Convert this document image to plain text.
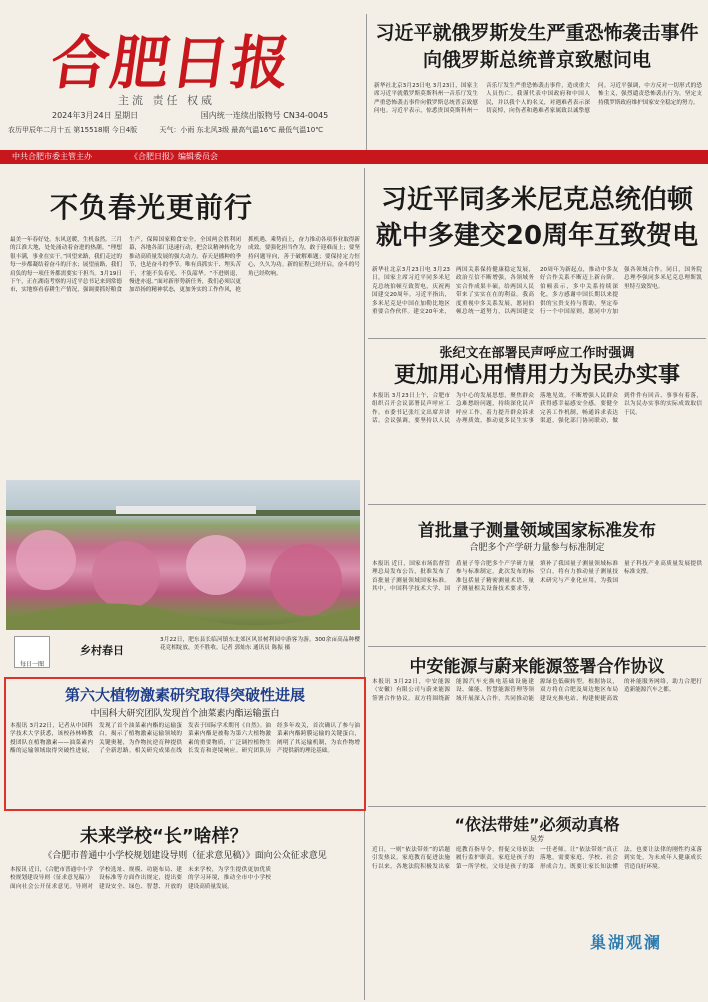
合肥日报
主流 责任 权威
2024年3月24日 星期日	国内统一连续出版物号 CN34-0045
农历甲辰年二月十五 第15518期 今日4版	天气：小雨 东北风3级 最高气温16℃ 最低气温10℃
习近平就俄罗斯发生严重恐怖袭击事件
向俄罗斯总统普京致慰问电
新华社北京3月23日电 3月23日，国家主席习近平就俄罗斯莫斯科州一音乐厅发生严重恐怖袭击事件向俄罗斯总统普京致慰问电。习近平表示，惊悉贵国莫斯科州一音乐厅发生严重恐怖袭击事件，造成重大人员伤亡。我谨代表中国政府和中国人民，并以我个人的名义，对遇难者表示深切哀悼，向伤者和遇难者家属致以诚挚慰问。习近平强调，中方反对一切形式的恐怖主义，强烈谴责恐怖袭击行为，坚定支持俄罗斯政府维护国家安全稳定的努力。
中共合肥市委主管主办	《合肥日报》编辑委员会
不负春光更前行
最美一年春好处。东风送暖，生机盎然。三月的江淮大地，处处涌动着奋进的热潮。“理想很丰满，事业在实干。”回望来路，我们走过的每一步都凝结着奋斗的汗水；展望前路，我们肩负的每一项任务都需要实干担当。3月19日下午，正在湖南考察的习近平总书记来到常德市，实地察看春耕生产情况，强调要抓好粮食生产，保障国家粮食安全。全国两会胜利闭幕，各地各部门迅速行动，把会议精神转化为推动高质量发展的强大动力。春天是播种的季节，也是奋斗的季节。唯有真抓实干、埋头苦干，才能不负春光、不负韶华。“不进则退，慢进亦退。”面对新形势新任务，我们必须以更加昂扬的精神状态，更加务实的工作作风，抢抓机遇、乘势而上，奋力推动各项事业取得新成效。要强化担当作为，敢于迎难而上；要坚持问题导向，善于破解难题；要保持定力恒心，久久为功。新的征程已经开启，奋斗的号角已经吹响。
习近平同多米尼克总统伯顿
就中多建交20周年互致贺电
新华社北京3月23日电 3月23日，国家主席习近平同多米尼克总统伯顿互致贺电，庆祝两国建交20周年。习近平指出，多米尼克是中国在加勒比地区重要合作伙伴。建交20年来，两国关系保持健康稳定发展，政治互信不断增强，各领域务实合作成果丰硕，给两国人民带来了实实在在的利益。我高度重视中多关系发展，愿同伯顿总统一道努力，以两国建交20周年为新起点，推动中多友好合作关系不断迈上新台阶。伯顿表示，多中关系持续深化，多方感谢中国长期以来提供的宝贵支持与帮助，坚定奉行一个中国原则，愿同中方加强各领域合作。同日，国务院总理李强同多米尼克总理斯凯里特互致贺电。
张纪文在部署民声呼应工作时强调
更加用心用情用力为民办实事
本报讯 3月23日上午，合肥市组织召开会议部署民声呼应工作。市委书记张红文出席并讲话。会议强调，要坚持以人民为中心的发展思想，聚焦群众急难愁盼问题，持续深化民声呼应工作，着力提升群众诉求办理质效，推动更多民生实事落地见效，不断增强人民群众获得感幸福感安全感。要健全完善工作机制，畅通诉求表达渠道，强化部门协同联动，做到件件有回音、事事有着落，以为民办实事的实际成效取信于民。
首批量子测量领域国家标准发布
合肥多个产学研力量参与标准制定
本报讯 近日，国家市场监督管理总局发布公告，批准发布了首批量子测量领域国家标准。其中，中国科学技术大学、国盾量子等合肥多个产学研力量参与标准制定。此次发布的标准包括量子精密测量术语、量子测量相关设备技术要求等，填补了我国量子测量领域标准空白，将有力推动量子测量技术研究与产业化应用，为我国量子科技产业高质量发展提供标准支撑。
中安能源与蔚来能源签署合作协议
本报讯 3月22日，中安能源（安徽）有限公司与蔚来能源签署合作协议。双方将围绕新能源汽车充换电基础设施建设、储能、智慧能源管理等领域开展深入合作，共同推动能源绿色低碳转型。根据协议，双方将在合肥及周边地区布局建设充换电站，构建便捷高效的补能服务网络，助力合肥打造新能源汽车之都。
“依法带娃”必须动真格
吴芳
近日，一则“依法带娃”的话题引发热议。家庭教育促进法施行以来，各地法院积极发出家庭教育指导令，督促父母依法履行监护职责。家庭是孩子的第一所学校，父母是孩子的第一任老师。让“依法带娃”真正落地，需要家庭、学校、社会形成合力，既要让家长知法懂法，也要让法律的刚性约束落到实处，为未成年人健康成长营造良好环境。
巢湖观澜
每日一图
乡村春日
3月22日，肥东县长临河镇东北郊区风景树利园中游客为游。300余亩高品种樱花竞相绽放，美不胜收。记者 郭灿东 通讯员 陈振 摄
第六大植物激素研究取得突破性进展
中国科大研究团队发现首个油菜素内酯运输蛋白
本报讯 3月22日，记者从中国科学技术大学获悉，该校孙林峰教授团队在植物激素——油菜素内酯的运输领域取得突破性进展，发现了首个油菜素内酯的运输蛋白，揭示了植物激素运输领域的关键奥秘，为作物抗逆育种提供了全新思路。相关研究成果在线发表于国际学术期刊《自然》。油菜素内酯是被称为第六大植物激素的重要物质，广泛调控植物生长发育和逆境响应。研究团队历经多年攻关，首次确认了参与油菜素内酯跨膜运输的关键蛋白，阐明了其运输机制，为农作物增产提供新的理论基础。
未来学校“长”啥样？
《合肥市普通中小学校规划建设导则（征求意见稿）》面向公众征求意见
本报讯 近日，《合肥市普通中小学校规划建设导则（征求意见稿）》面向社会公开征求意见。导则对学校选址、规模、功能布局、建设标准等方面作出规定，提出要建设安全、绿色、智慧、开放的未来学校，为学生提供更加优质的学习环境，推动全市中小学校建设高质量发展。
